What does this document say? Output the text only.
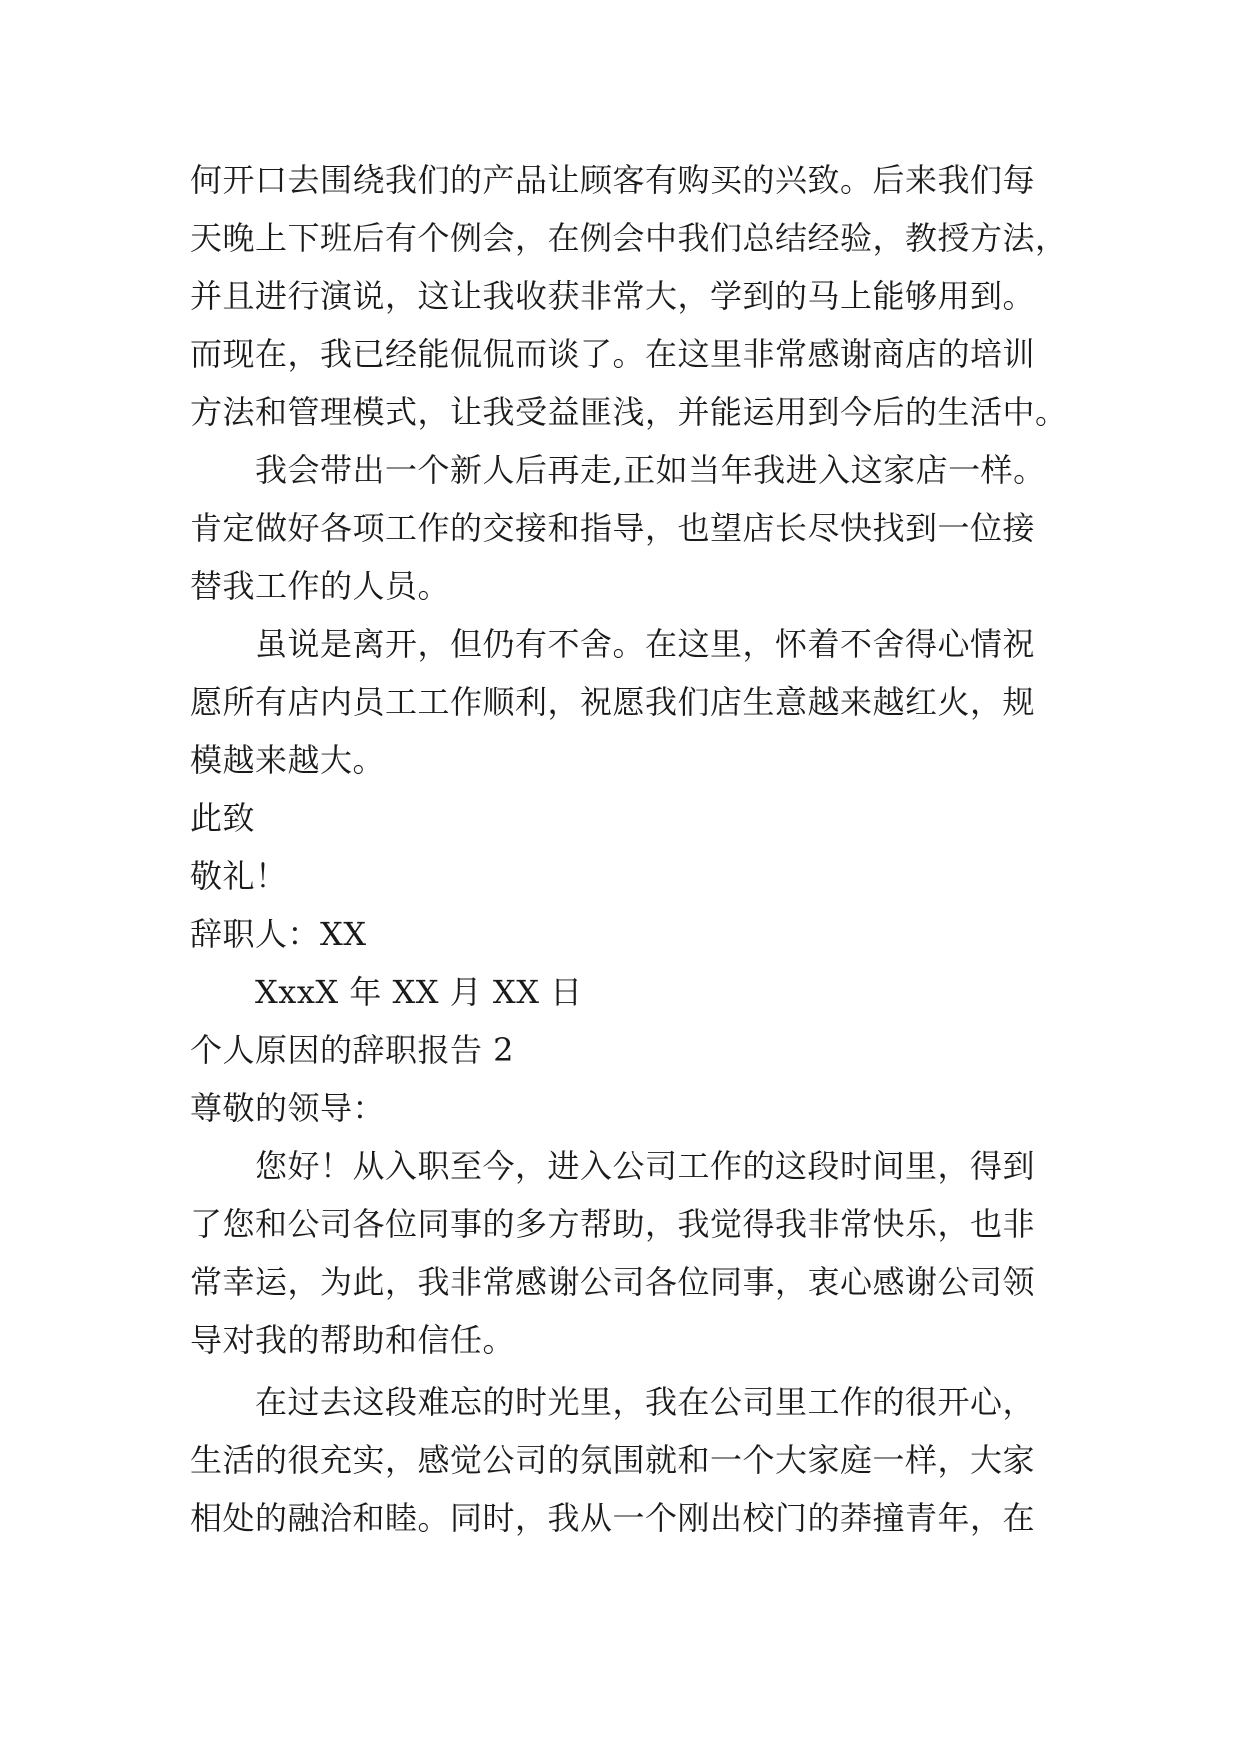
何开口去围绕我们的产品让顾客有购买的兴致。后来我们每

天晚上下班后有个例会，在例会中我们总结经验，教授方法，

并且进行演说，这让我收获非常大，学到的马上能够用到。

而现在，我已经能侃侃而谈了。在这里非常感谢商店的培训

方法和管理模式，让我受益匪浅，并能运用到今后的生活中。

我会带出一个新人后再走,正如当年我进入这家店一样。

肯定做好各项工作的交接和指导，也望店长尽快找到一位接

替我工作的人员。

虽说是离开，但仍有不舍。在这里，怀着不舍得心情祝

愿所有店内员工工作顺利，祝愿我们店生意越来越红火，规

模越来越大。

此致

敬礼！

辞职人：XX

XxxX 年 XX 月 XX 日

个人原因的辞职报告 2

尊敬的领导：

您好！从入职至今，进入公司工作的这段时间里，得到

了您和公司各位同事的多方帮助，我觉得我非常快乐，也非

常幸运，为此，我非常感谢公司各位同事，衷心感谢公司领

导对我的帮助和信任。

在过去这段难忘的时光里，我在公司里工作的很开心，

生活的很充实，感觉公司的氛围就和一个大家庭一样，大家

相处的融洽和睦。同时，我从一个刚出校门的莽撞青年，在
